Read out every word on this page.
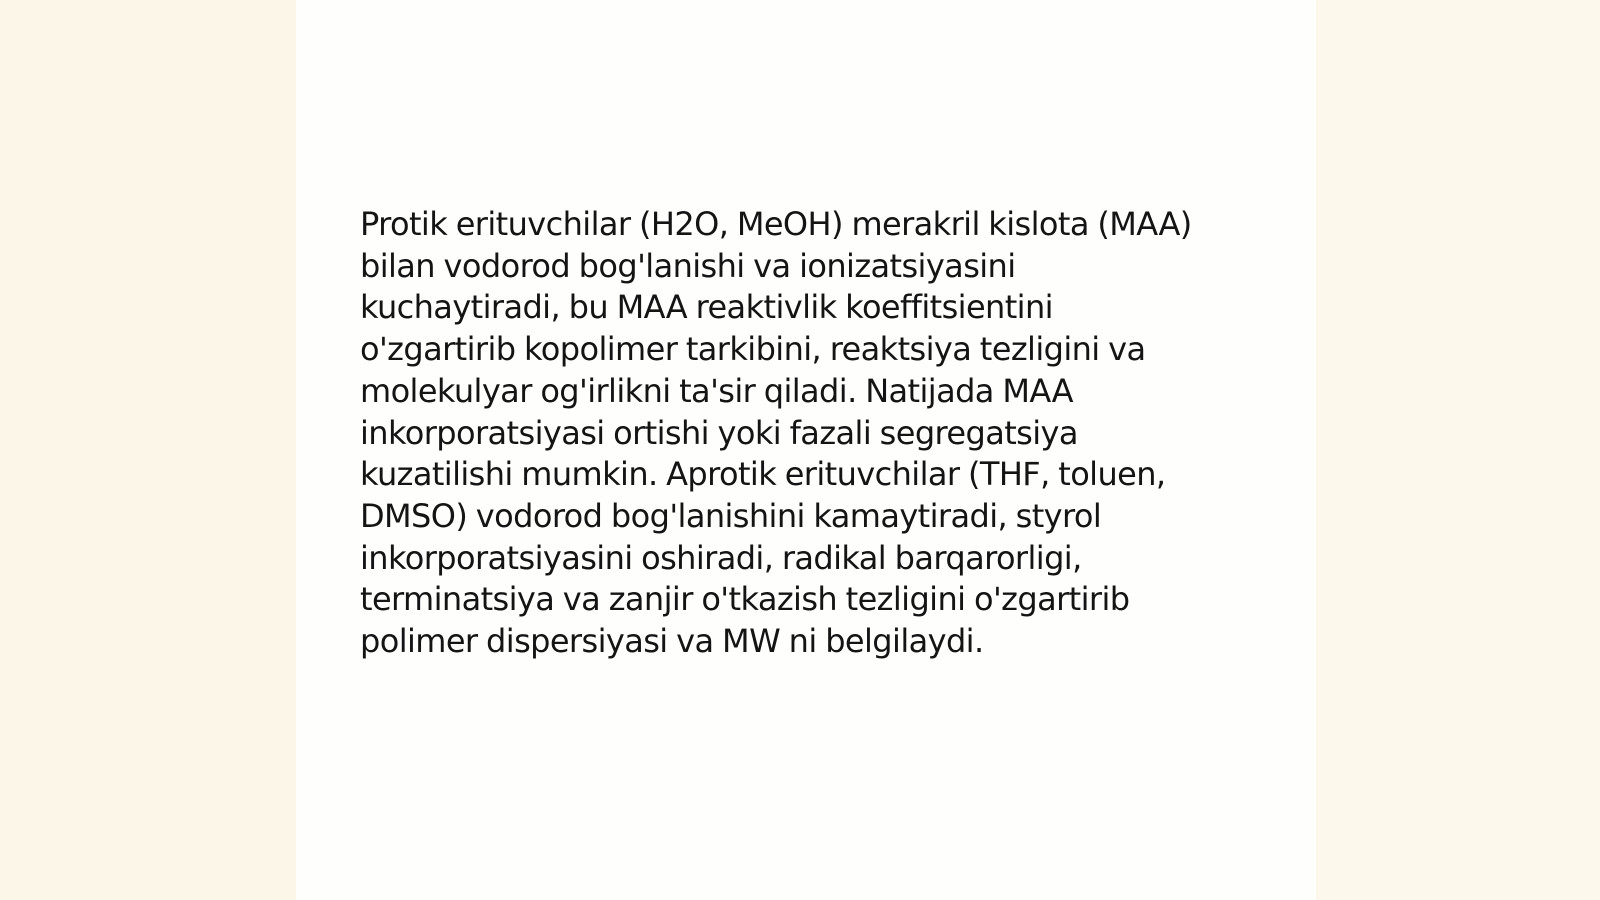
Protik erituvchilar (H2O, MeOH) merakril kislota (MAA)
bilan vodorod bog'lanishi va ionizatsiyasini
kuchaytiradi, bu MAA reaktivlik koeffitsientini
o'zgartirib kopolimer tarkibini, reaktsiya tezligini va
molekulyar og'irlikni ta'sir qiladi. Natijada MAA
inkorporatsiyasi ortishi yoki fazali segregatsiya
kuzatilishi mumkin. Aprotik erituvchilar (THF, toluen,
DMSO) vodorod bog'lanishini kamaytiradi, styrol
inkorporatsiyasini oshiradi, radikal barqarorligi,
terminatsiya va zanjir o'tkazish tezligini o'zgartirib
polimer dispersiyasi va MW ni belgilaydi.
